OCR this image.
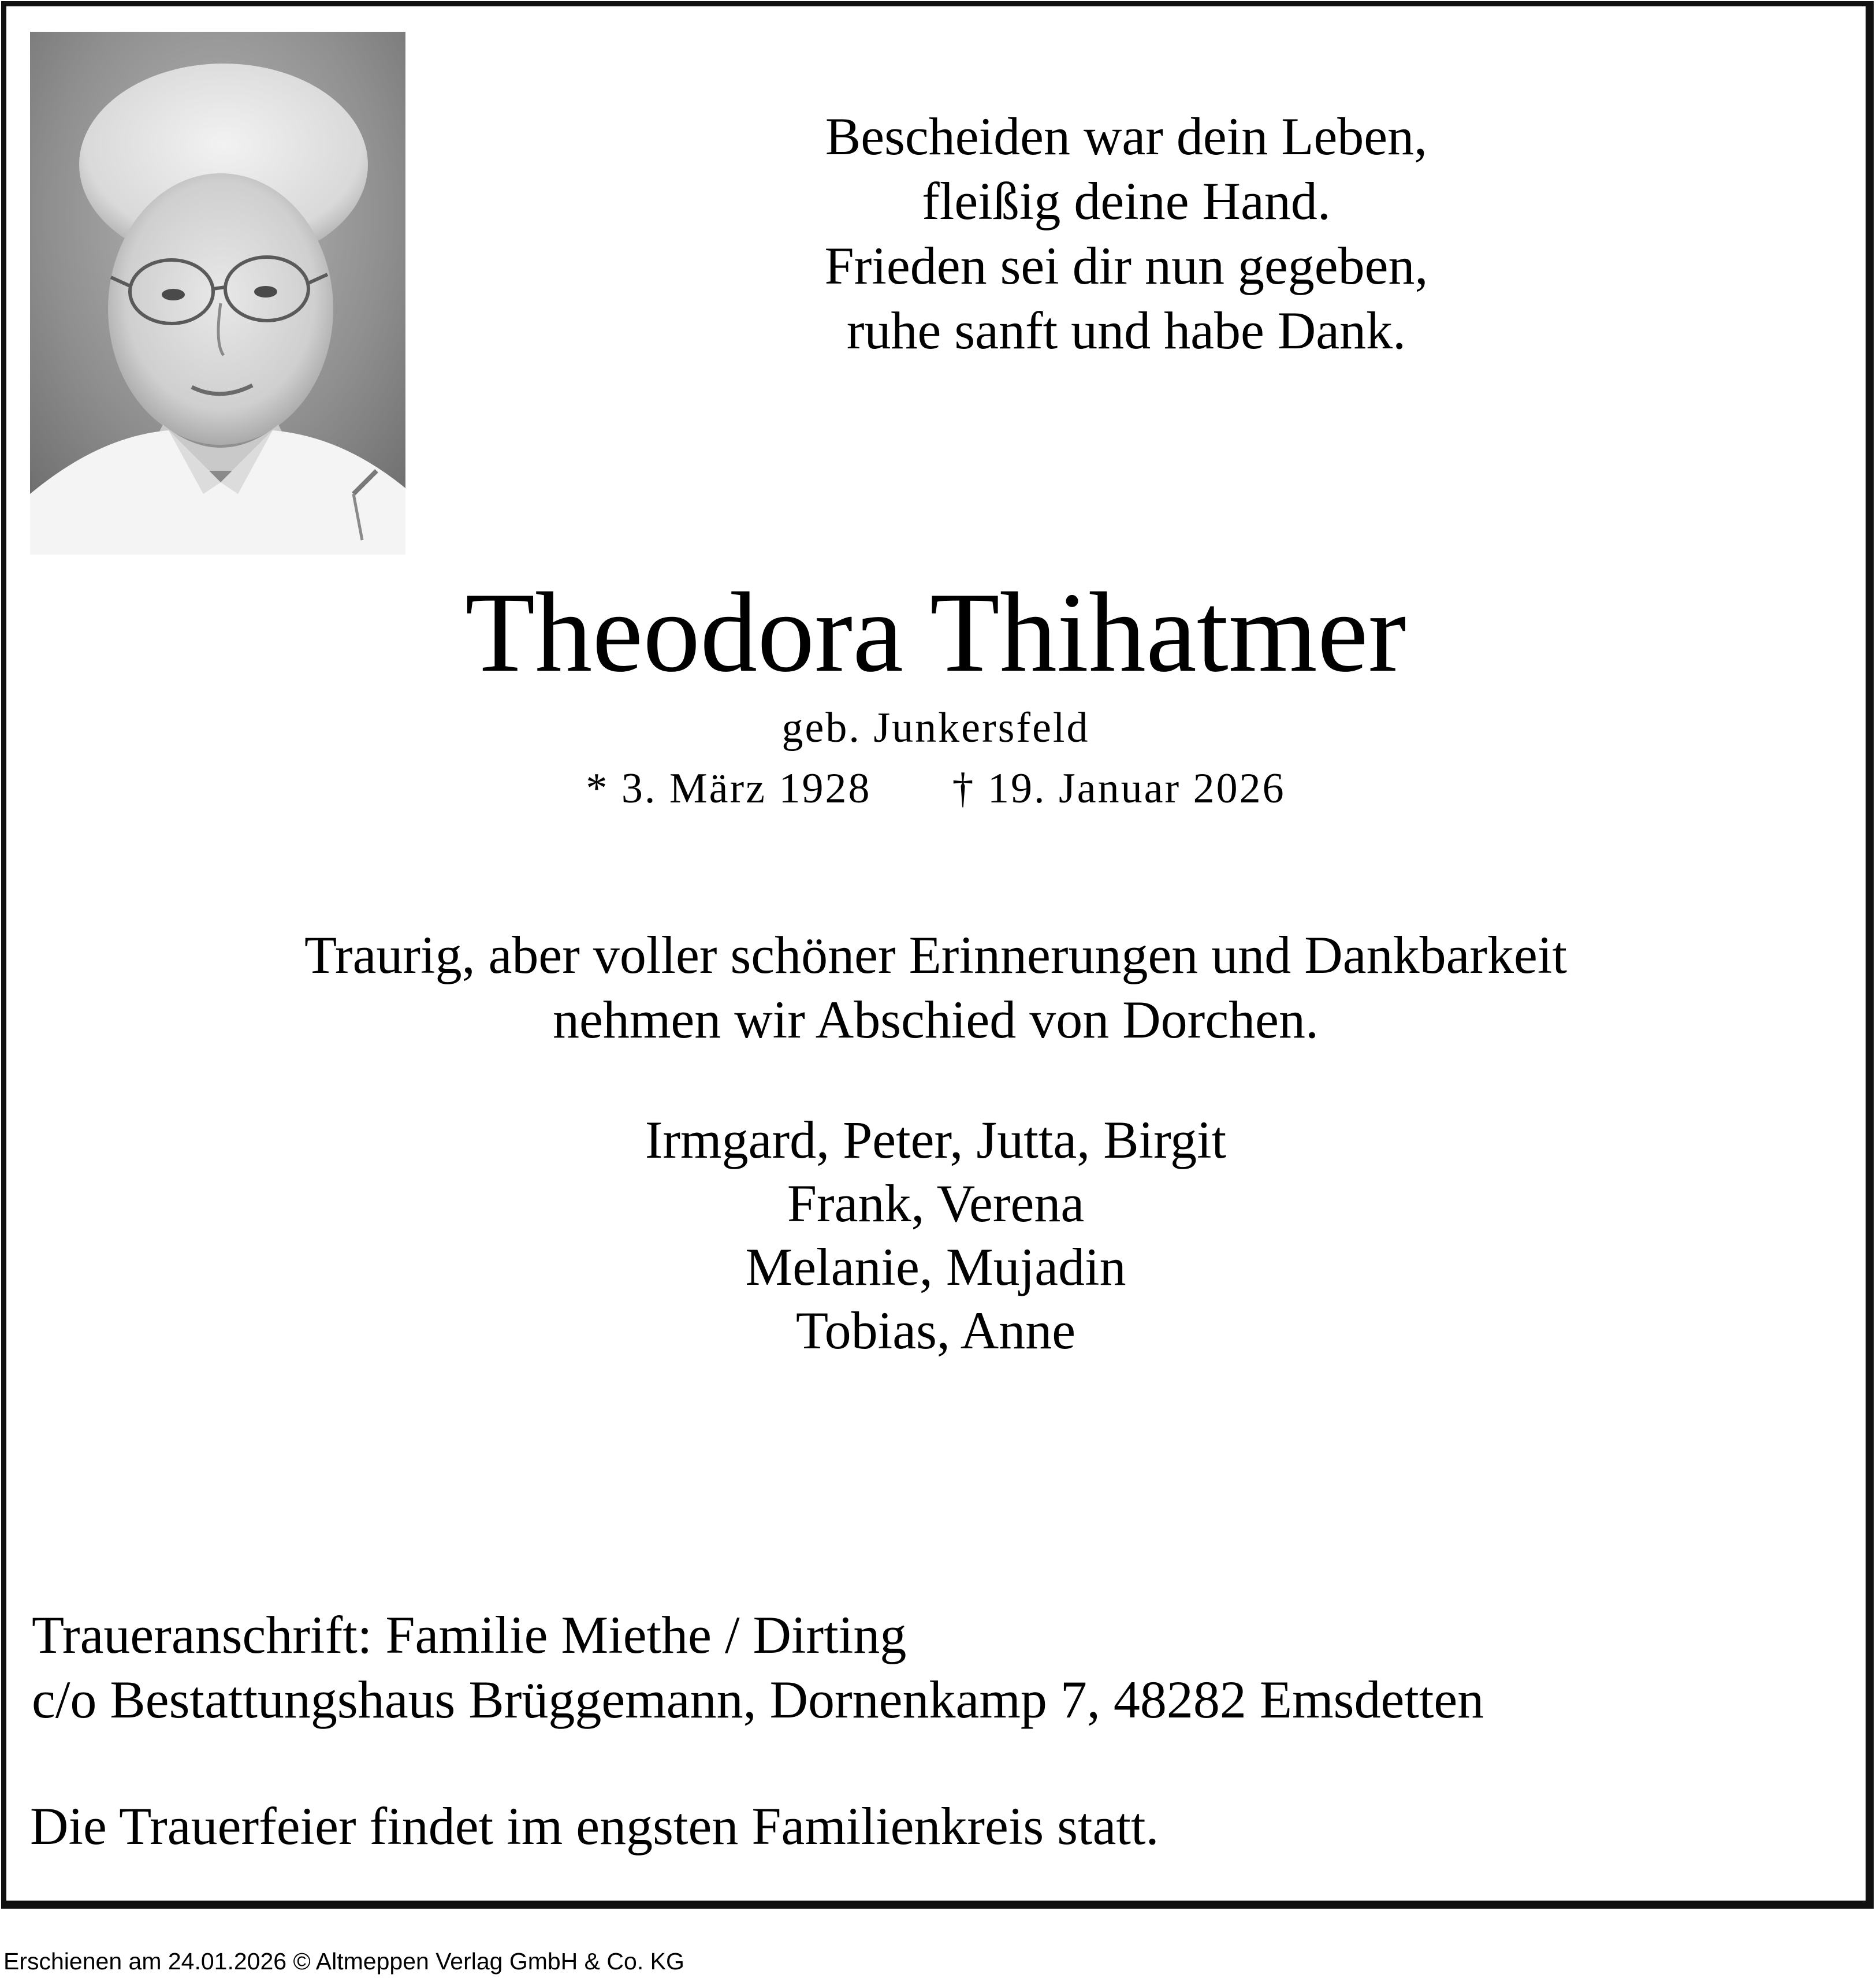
Bescheiden war dein Leben,
fleißig deine Hand.
Frieden sei dir nun gegeben,
ruhe sanft und habe Dank.
Theodora Thihatmer
geb. Junkersfeld
* 3. März 1928 † 19. Januar 2026
Traurig, aber voller schöner Erinnerungen und Dankbarkeit
nehmen wir Abschied von Dorchen.
Irmgard, Peter, Jutta, Birgit
Frank, Verena
Melanie, Mujadin
Tobias, Anne
Traueranschrift: Familie Miethe / Dirting
c/o Bestattungshaus Brüggemann, Dornenkamp 7, 48282 Emsdetten
Die Trauerfeier findet im engsten Familienkreis statt.
Erschienen am 24.01.2026 © Altmeppen Verlag GmbH & Co. KG
